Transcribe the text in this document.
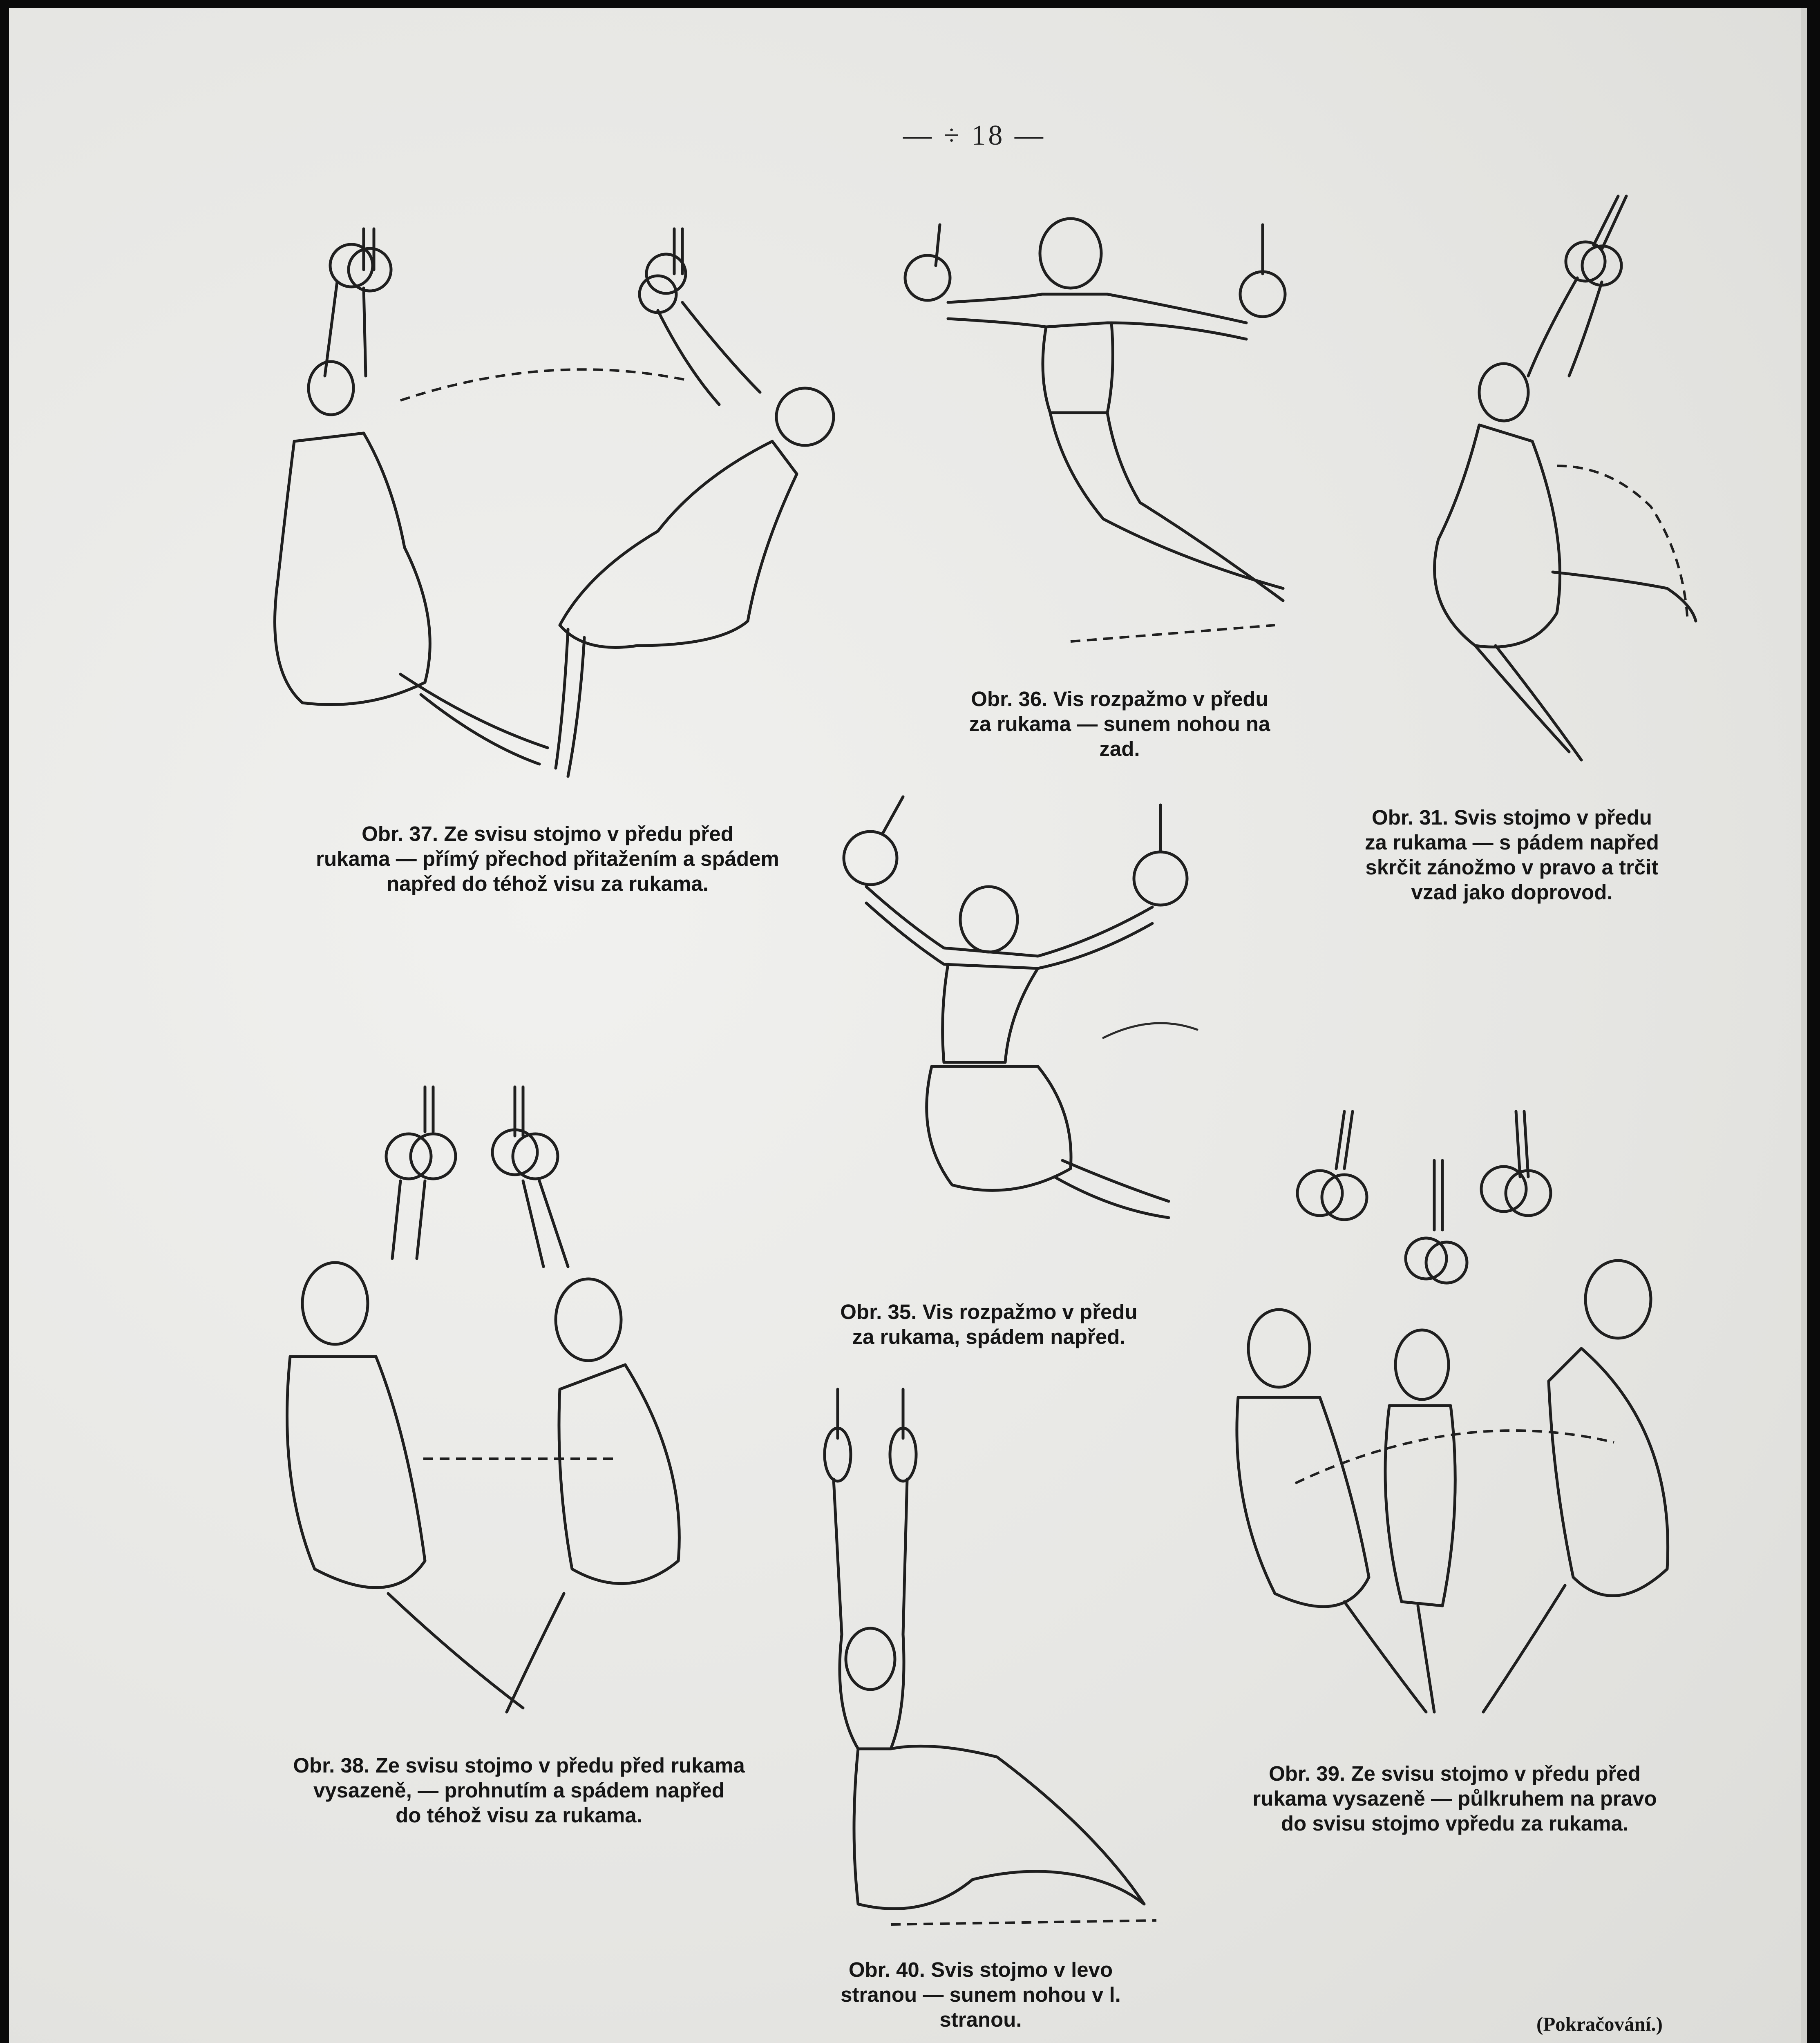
— ÷ 18 —
Obr. 37. Ze svisu stojmo v předu před
rukama — přímý přechod přitažením a spádem
napřed do téhož visu za rukama.
Obr. 36. Vis rozpažmo v předu
za rukama — sunem nohou na
zad.
Obr. 31. Svis stojmo v předu
za rukama — s pádem napřed
skrčit zánožmo v pravo a trčit
vzad jako doprovod.
Obr. 35. Vis rozpažmo v předu
za rukama, spádem napřed.
Obr. 38. Ze svisu stojmo v předu před rukama
vysazeně, — prohnutím a spádem napřed
do téhož visu za rukama.
Obr. 39. Ze svisu stojmo v předu před
rukama vysazeně — půlkruhem na pravo
do svisu stojmo vpředu za rukama.
Obr. 40. Svis stojmo v levo
stranou — sunem nohou v l.
stranou.	(Pokračování.)
